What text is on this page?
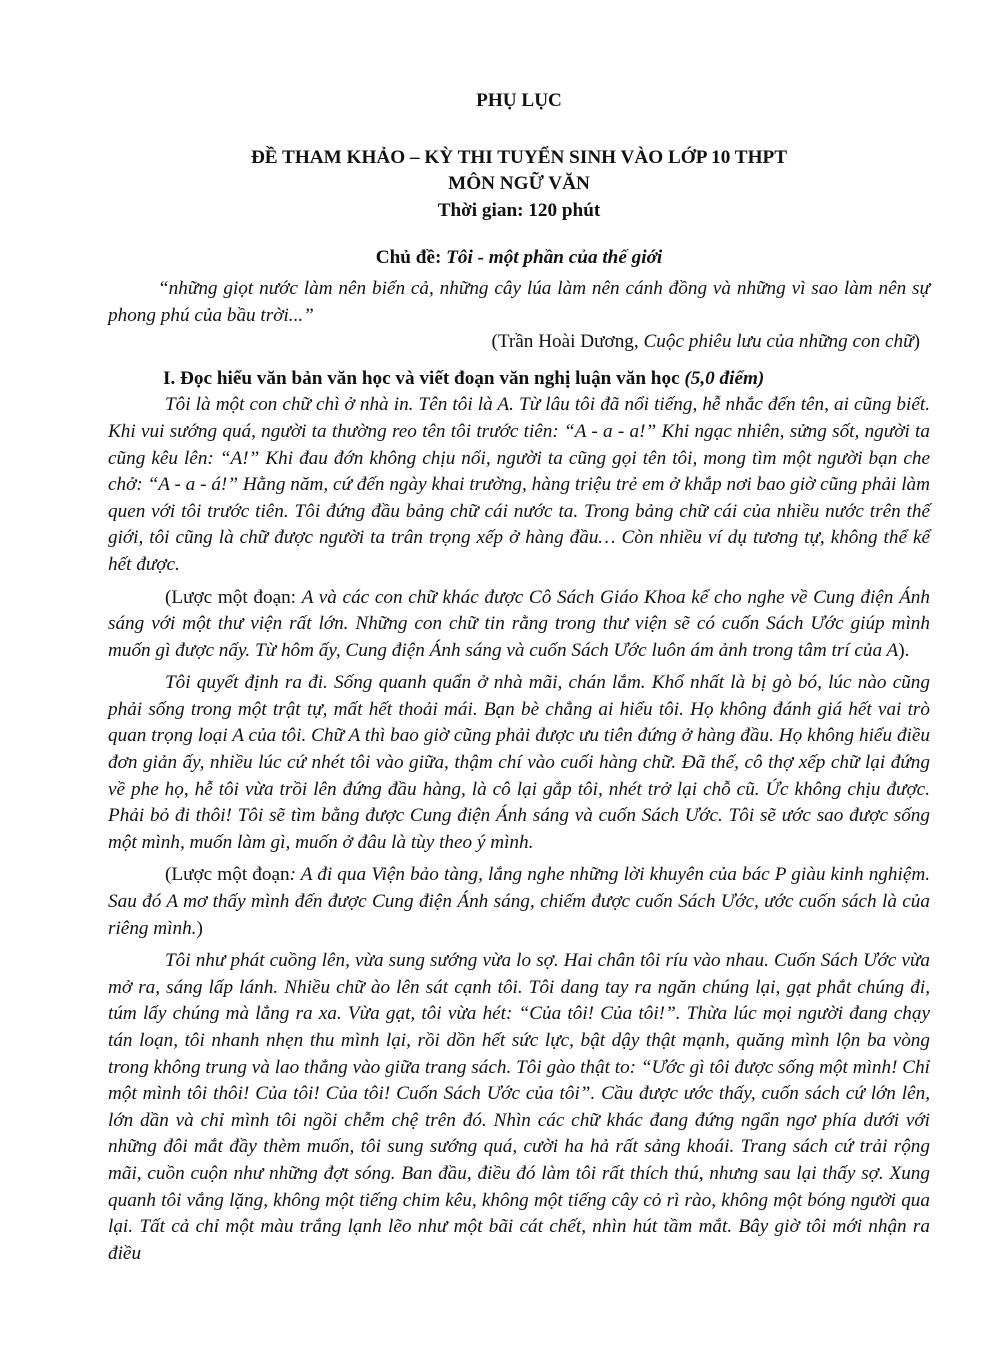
PHỤ LỤC
ĐỀ THAM KHẢO – KỲ THI TUYỂN SINH VÀO LỚP 10 THPT
MÔN NGỮ VĂN
Thời gian: 120 phút
Chủ đề: Tôi - một phần của thế giới

“những giọt nước làm nên biển cả, những cây lúa làm nên cánh đồng và những vì sao làm nên sự phong phú của bầu trời...”

(Trần Hoài Dương, Cuộc phiêu lưu của những con chữ)
I. Đọc hiểu văn bản văn học và viết đoạn văn nghị luận văn học (5,0 điểm)

Tôi là một con chữ chì ở nhà in. Tên tôi là A. Từ lâu tôi đã nổi tiếng, hễ nhắc đến tên, ai cũng biết. Khi vui sướng quá, người ta thường reo tên tôi trước tiên: “A - a - a!” Khi ngạc nhiên, sửng sốt, người ta cũng kêu lên: “A!” Khi đau đớn không chịu nổi, người ta cũng gọi tên tôi, mong tìm một người bạn che chở: “A - a - á!” Hằng năm, cứ đến ngày khai trường, hàng triệu trẻ em ở khắp nơi bao giờ cũng phải làm quen với tôi trước tiên. Tôi đứng đầu bảng chữ cái nước ta. Trong bảng chữ cái của nhiều nước trên thế giới, tôi cũng là chữ được người ta trân trọng xếp ở hàng đầu… Còn nhiều ví dụ tương tự, không thể kể hết được.

(Lược một đoạn: A và các con chữ khác được Cô Sách Giáo Khoa kể cho nghe về Cung điện Ánh sáng với một thư viện rất lớn. Những con chữ tin rằng trong thư viện sẽ có cuốn Sách Ước giúp mình muốn gì được nấy. Từ hôm ấy, Cung điện Ánh sáng và cuốn Sách Ước luôn ám ảnh trong tâm trí của A).

Tôi quyết định ra đi. Sống quanh quẩn ở nhà mãi, chán lắm. Khổ nhất là bị gò bó, lúc nào cũng phải sống trong một trật tự, mất hết thoải mái. Bạn bè chẳng ai hiểu tôi. Họ không đánh giá hết vai trò quan trọng loại A của tôi. Chữ A thì bao giờ cũng phải được ưu tiên đứng ở hàng đầu. Họ không hiểu điều đơn giản ấy, nhiều lúc cứ nhét tôi vào giữa, thậm chí vào cuối hàng chữ. Đã thế, cô thợ xếp chữ lại đứng về phe họ, hễ tôi vừa trồi lên đứng đầu hàng, là cô lại gắp tôi, nhét trở lại chỗ cũ. Ức không chịu được. Phải bỏ đi thôi! Tôi sẽ tìm bằng được Cung điện Ánh sáng và cuốn Sách Ước. Tôi sẽ ước sao được sống một mình, muốn làm gì, muốn ở đâu là tùy theo ý mình.

(Lược một đoạn: A đi qua Viện bảo tàng, lắng nghe những lời khuyên của bác P giàu kinh nghiệm. Sau đó A mơ thấy mình đến được Cung điện Ánh sáng, chiếm được cuốn Sách Ước, ước cuốn sách là của riêng mình.)

Tôi như phát cuồng lên, vừa sung sướng vừa lo sợ. Hai chân tôi ríu vào nhau. Cuốn Sách Ước vừa mở ra, sáng lấp lánh. Nhiều chữ ào lên sát cạnh tôi. Tôi dang tay ra ngăn chúng lại, gạt phắt chúng đi, túm lấy chúng mà lẳng ra xa. Vừa gạt, tôi vừa hét: “Của tôi! Của tôi!”. Thừa lúc mọi người đang chạy tán loạn, tôi nhanh nhẹn thu mình lại, rồi dồn hết sức lực, bật dậy thật mạnh, quăng mình lộn ba vòng trong không trung và lao thẳng vào giữa trang sách. Tôi gào thật to: “Ước gì tôi được sống một mình! Chỉ một mình tôi thôi! Của tôi! Của tôi! Cuốn Sách Ước của tôi”. Cầu được ước thấy, cuốn sách cứ lớn lên, lớn dần và chỉ mình tôi ngồi chễm chệ trên đó. Nhìn các chữ khác đang đứng ngẩn ngơ phía dưới với những đôi mắt đầy thèm muốn, tôi sung sướng quá, cười ha hả rất sảng khoái. Trang sách cứ trải rộng mãi, cuồn cuộn như những đợt sóng. Ban đầu, điều đó làm tôi rất thích thú, nhưng sau lại thấy sợ. Xung quanh tôi vắng lặng, không một tiếng chim kêu, không một tiếng cây cỏ rì rào, không một bóng người qua lại. Tất cả chỉ một màu trắng lạnh lẽo như một bãi cát chết, nhìn hút tầm mắt. Bây giờ tôi mới nhận ra điều
